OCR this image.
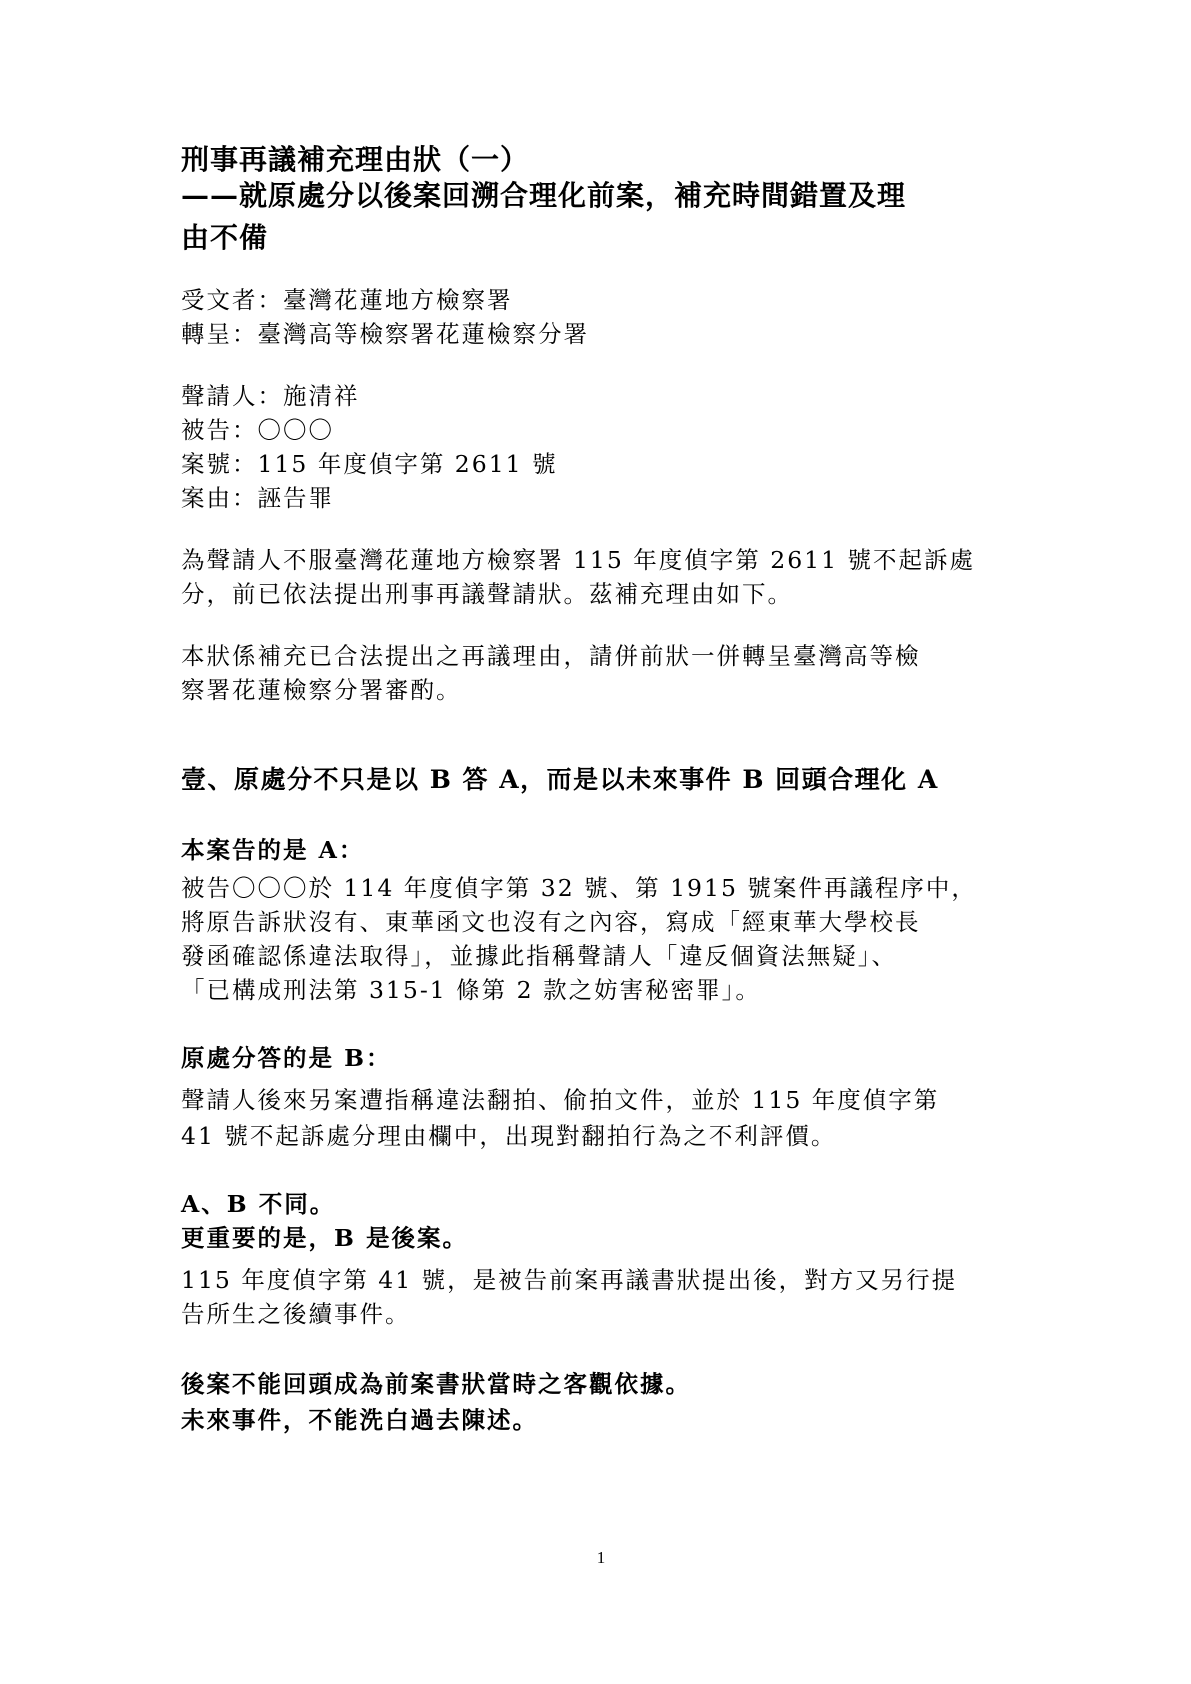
刑事再議補充理由狀（一）
——就原處分以後案回溯合理化前案，補充時間錯置及理
由不備
受文者：臺灣花蓮地方檢察署
轉呈：臺灣高等檢察署花蓮檢察分署
聲請人：施清祥
被告：〇〇〇
案號：115 年度偵字第 2611 號
案由：誣告罪
為聲請人不服臺灣花蓮地方檢察署 115 年度偵字第 2611 號不起訴處
分，前已依法提出刑事再議聲請狀。茲補充理由如下。
本狀係補充已合法提出之再議理由，請併前狀一併轉呈臺灣高等檢
察署花蓮檢察分署審酌。
壹、原處分不只是以 B 答 A，而是以未來事件 B 回頭合理化 A
本案告的是 A：
被告〇〇〇於 114 年度偵字第 32 號、第 1915 號案件再議程序中，
將原告訴狀沒有、東華函文也沒有之內容，寫成「經東華大學校長
發函確認係違法取得」，並據此指稱聲請人「違反個資法無疑」、
「已構成刑法第 315-1 條第 2 款之妨害秘密罪」。
原處分答的是 B：
聲請人後來另案遭指稱違法翻拍、偷拍文件，並於 115 年度偵字第
41 號不起訴處分理由欄中，出現對翻拍行為之不利評價。
A、B 不同。
更重要的是，B 是後案。
115 年度偵字第 41 號，是被告前案再議書狀提出後，對方又另行提
告所生之後續事件。
後案不能回頭成為前案書狀當時之客觀依據。
未來事件，不能洗白過去陳述。
1
